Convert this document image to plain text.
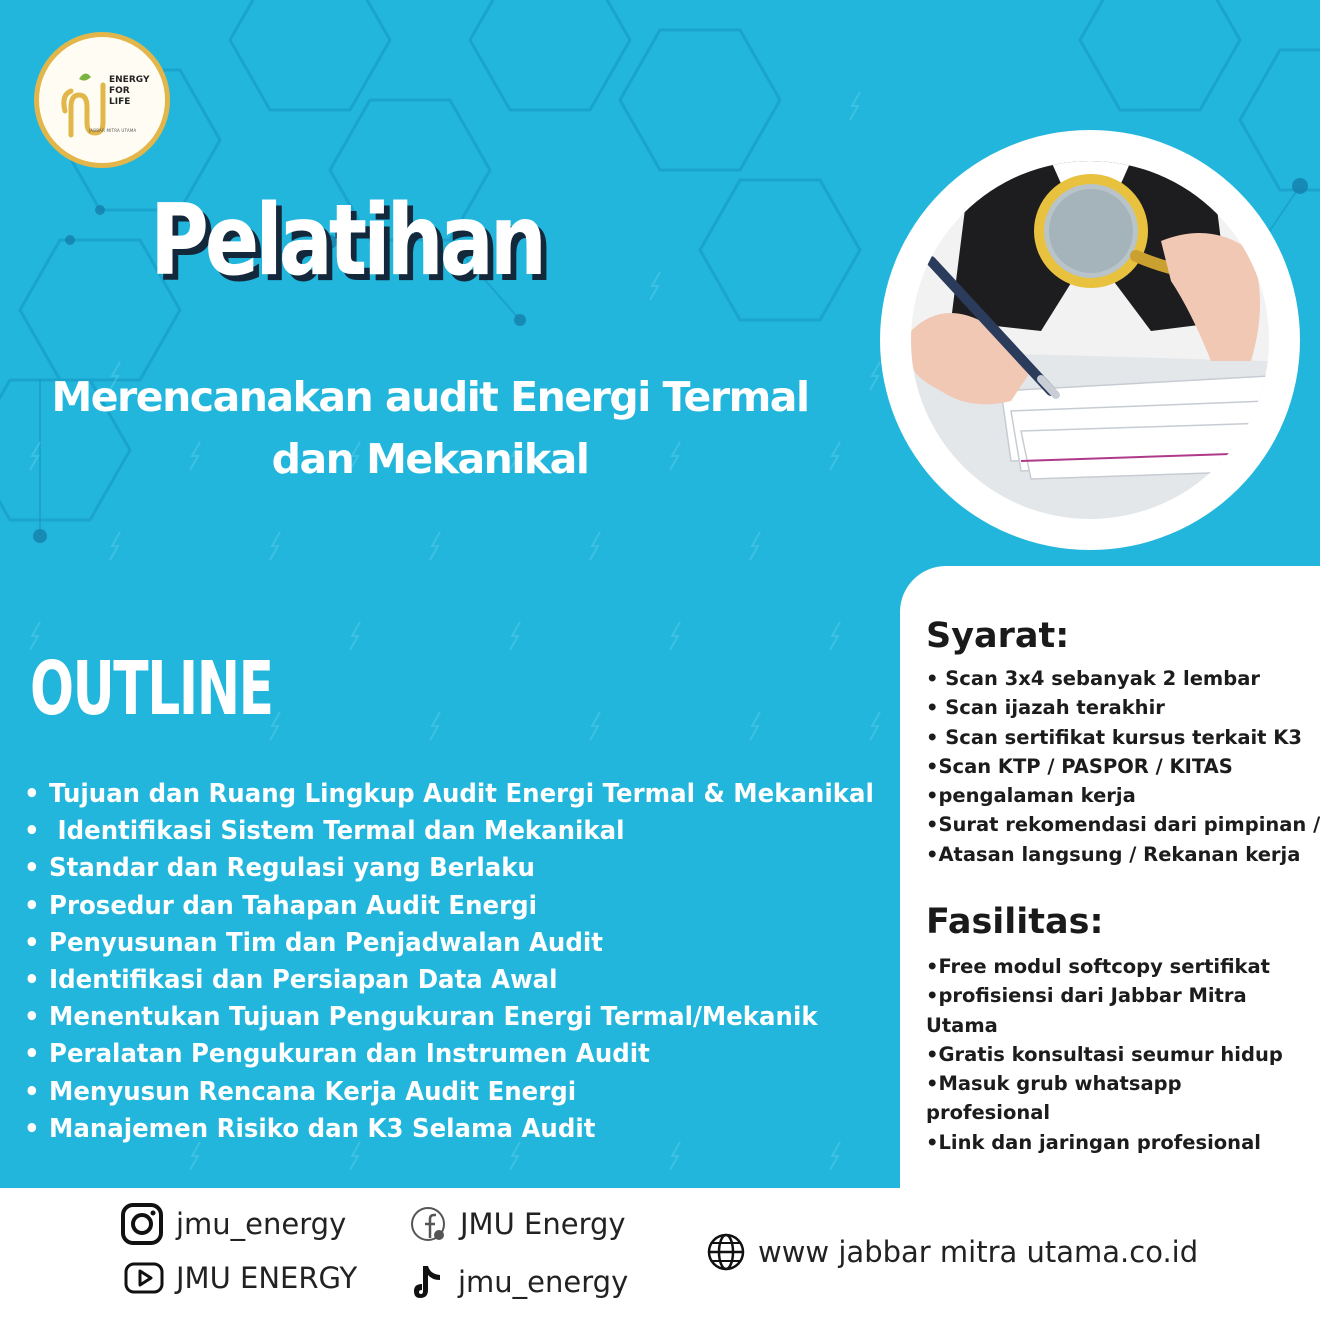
ENERGY
FOR
LIFE
JABBAR MITRA UTAMA
Pelatihan
Merencanakan audit Energi Termal dan Mekanikal
OUTLINE
• Tujuan dan Ruang Lingkup Audit Energi Termal & Mekanikal
• Identifikasi Sistem Termal dan Mekanikal
• Standar dan Regulasi yang Berlaku
• Prosedur dan Tahapan Audit Energi
• Penyusunan Tim dan Penjadwalan Audit
• Identifikasi dan Persiapan Data Awal
• Menentukan Tujuan Pengukuran Energi Termal/Mekanik
• Peralatan Pengukuran dan Instrumen Audit
• Menyusun Rencana Kerja Audit Energi
• Manajemen Risiko dan K3 Selama Audit
Syarat:
• Scan 3x4 sebanyak 2 lembar
• Scan ijazah terakhir
• Scan sertifikat kursus terkait K3
•Scan KTP / PASPOR / KITAS
•pengalaman kerja
•Surat rekomendasi dari pimpinan /
•Atasan langsung / Rekanan kerja
Fasilitas:
•Free modul softcopy sertifikat
•profisiensi dari Jabbar Mitra Utama
•Gratis konsultasi seumur hidup
•Masuk grub whatsapp profesional
•Link dan jaringan profesional
jmu_energy
JMU ENERGY
JMU Energy
jmu_energy
www jabbar mitra utama.co.id
